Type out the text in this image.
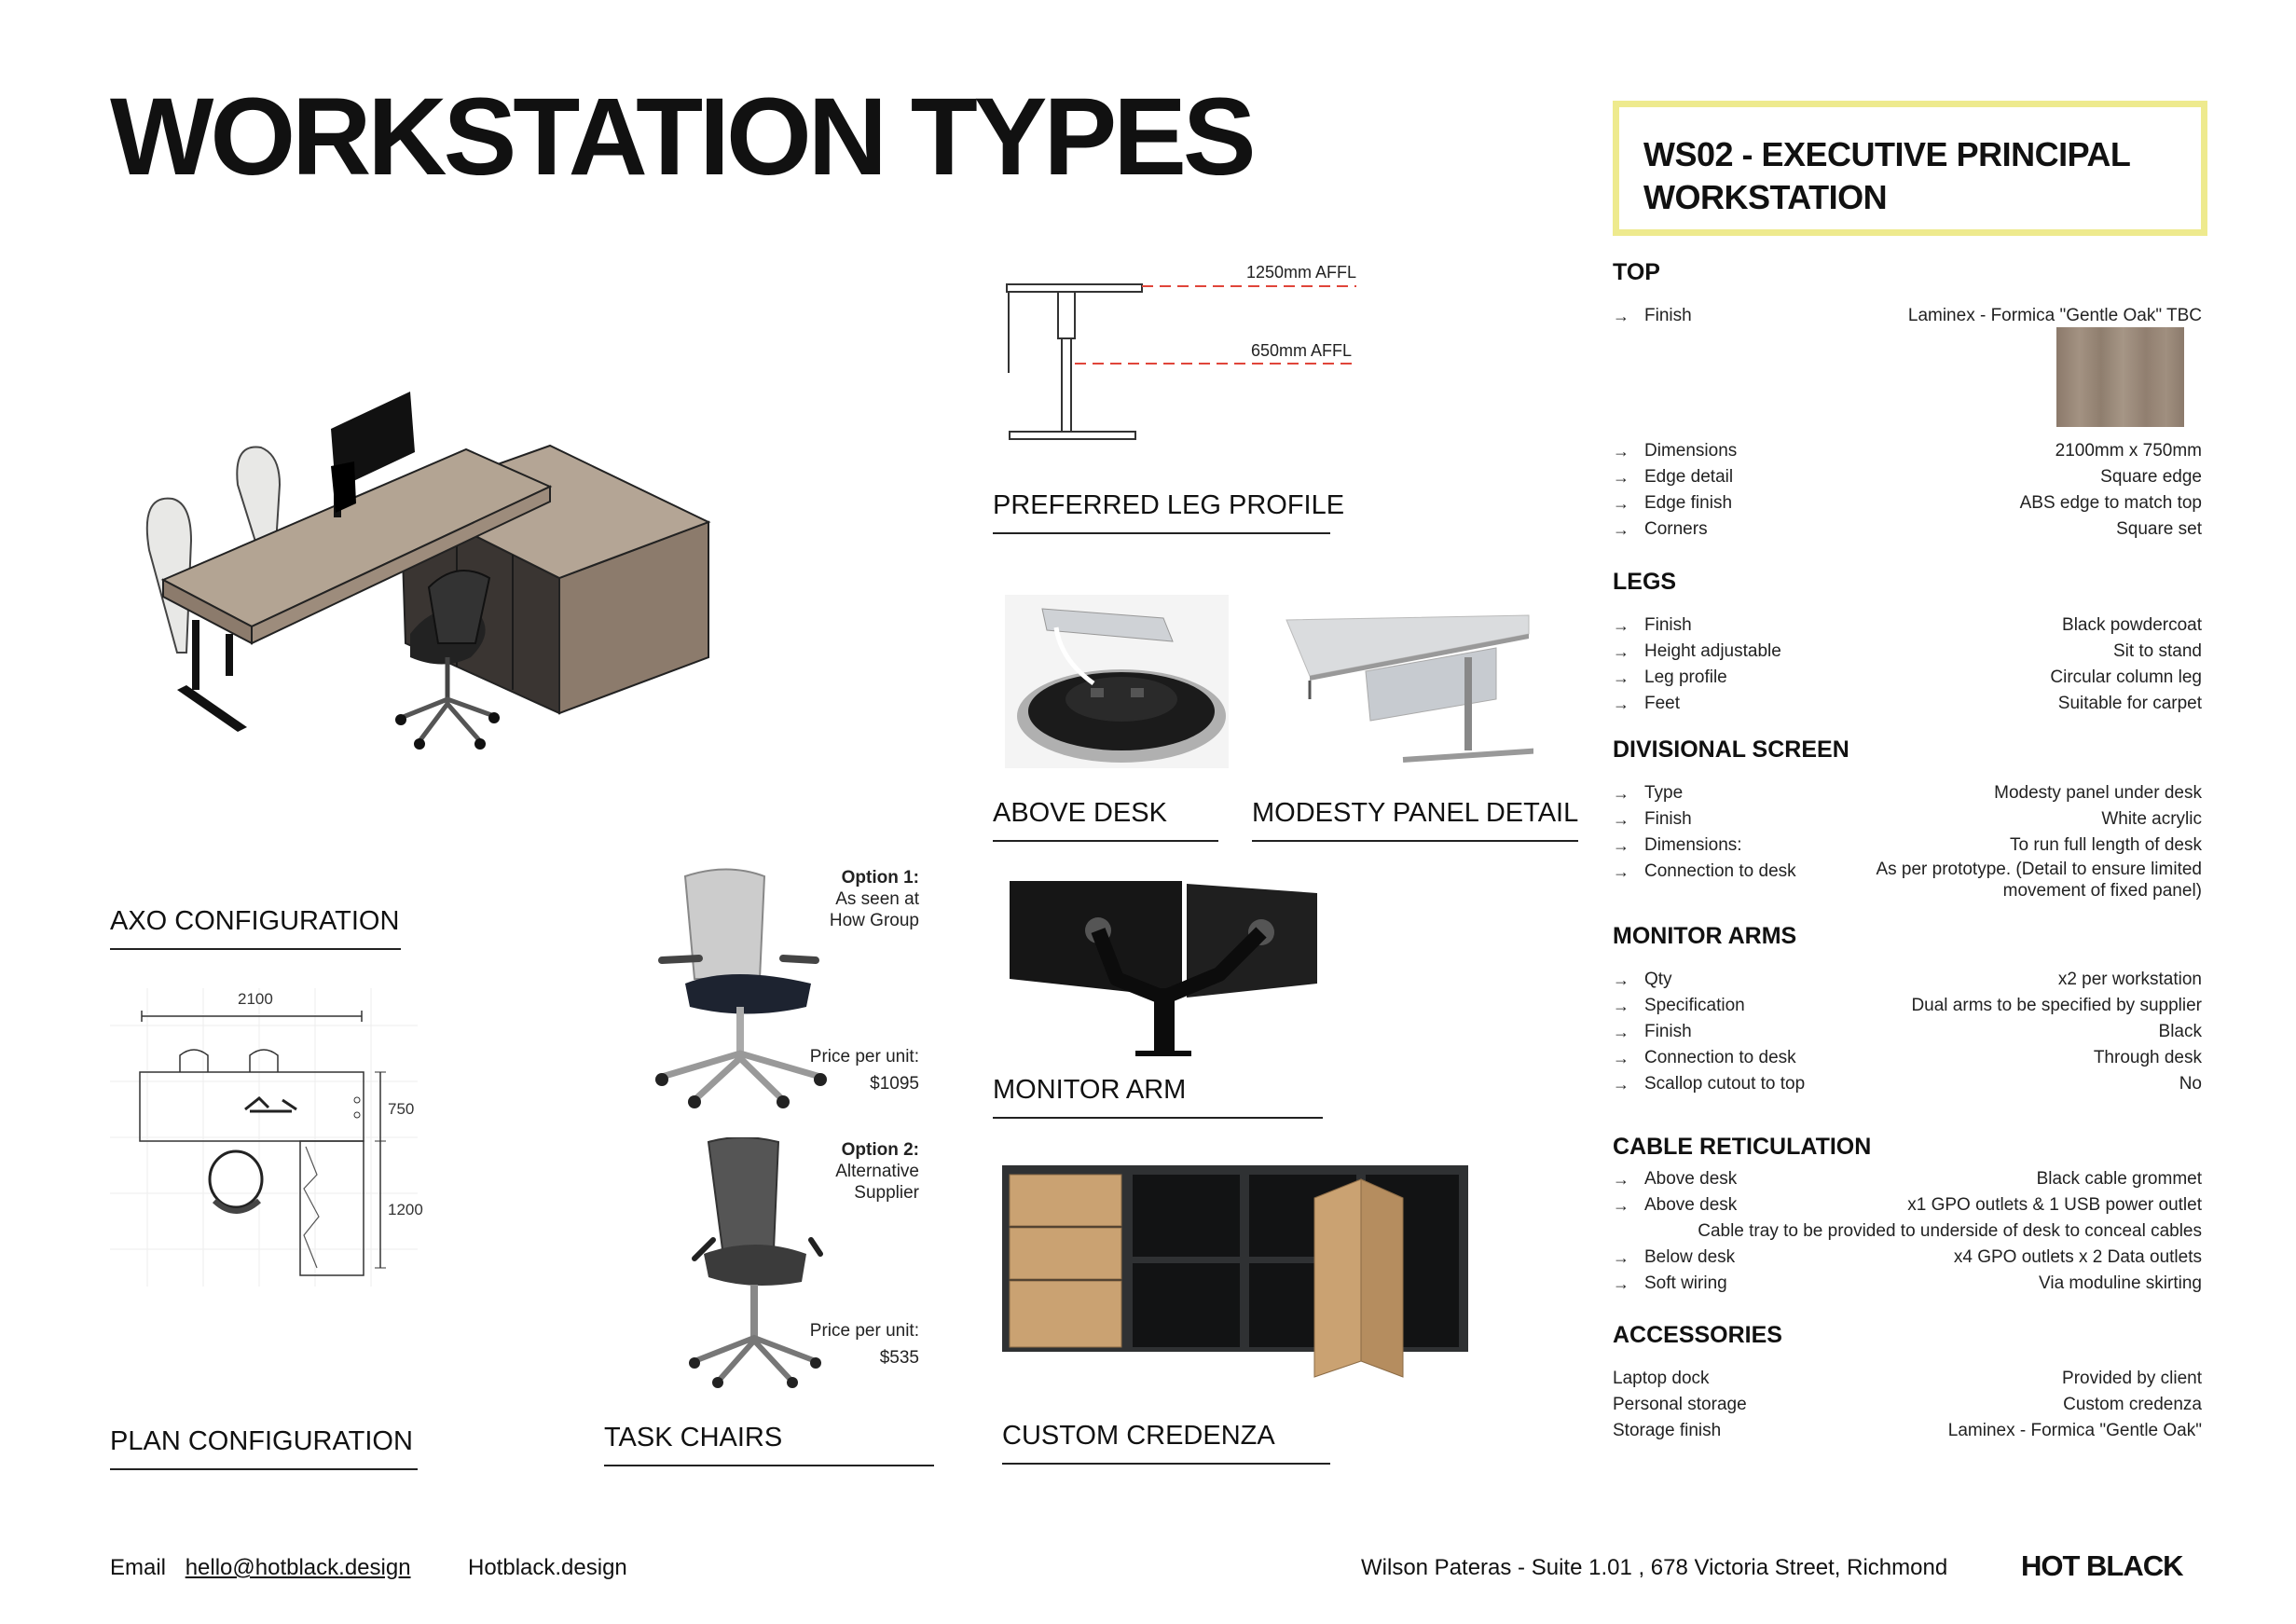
WORKSTATION TYPES	WS02 - EXECUTIVE PRINCIPAL
WORKSTATION
AXO CONFIGURATION
2100
750
1200
PLAN CONFIGURATION
Option 1:
As seen at
How Group
Price per unit:
$1095
Option 2:
Alternative
Supplier
Price per unit:
$535
TASK CHAIRS
1250mm AFFL
650mm AFFL
PREFERRED LEG PROFILE
ABOVE DESK	MODESTY PANEL DETAIL
MONITOR ARM
CUSTOM CREDENZA
TOP
→ Finish	Laminex - Formica "Gentle Oak" TBC
→ Dimensions	2100mm x 750mm
→ Edge detail	Square edge
→ Edge finish	ABS edge to match top
→ Corners	Square set
LEGS
→ Finish	Black powdercoat
→ Height adjustable	Sit to stand
→ Leg profile	Circular column leg
→ Feet	Suitable for carpet
DIVISIONAL SCREEN
→ Type	Modesty panel under desk
→ Finish	White acrylic
→ Dimensions:	To run full length of desk
→ Connection to desk	As per prototype. (Detail to ensure limited
movement of fixed panel)
MONITOR ARMS
→ Qty	x2 per workstation
→ Specification	Dual arms to be specified by supplier
→ Finish	Black
→ Connection to desk	Through desk
→ Scallop cutout to top	No
CABLE RETICULATION
→ Above desk	Black cable grommet
→ Above desk	x1 GPO outlets & 1 USB power outlet
Cable tray to be provided to underside of desk to conceal cables
→ Below desk	x4 GPO outlets x 2 Data outlets
→ Soft wiring	Via moduline skirting
ACCESSORIES
Laptop dock	Provided by client
Personal storage	Custom credenza
Storage finish	Laminex - Formica "Gentle Oak"
Email hello@hotblack.design	Hotblack.design	Wilson Pateras - Suite 1.01 , 678 Victoria Street, Richmond	HOT BLACK
